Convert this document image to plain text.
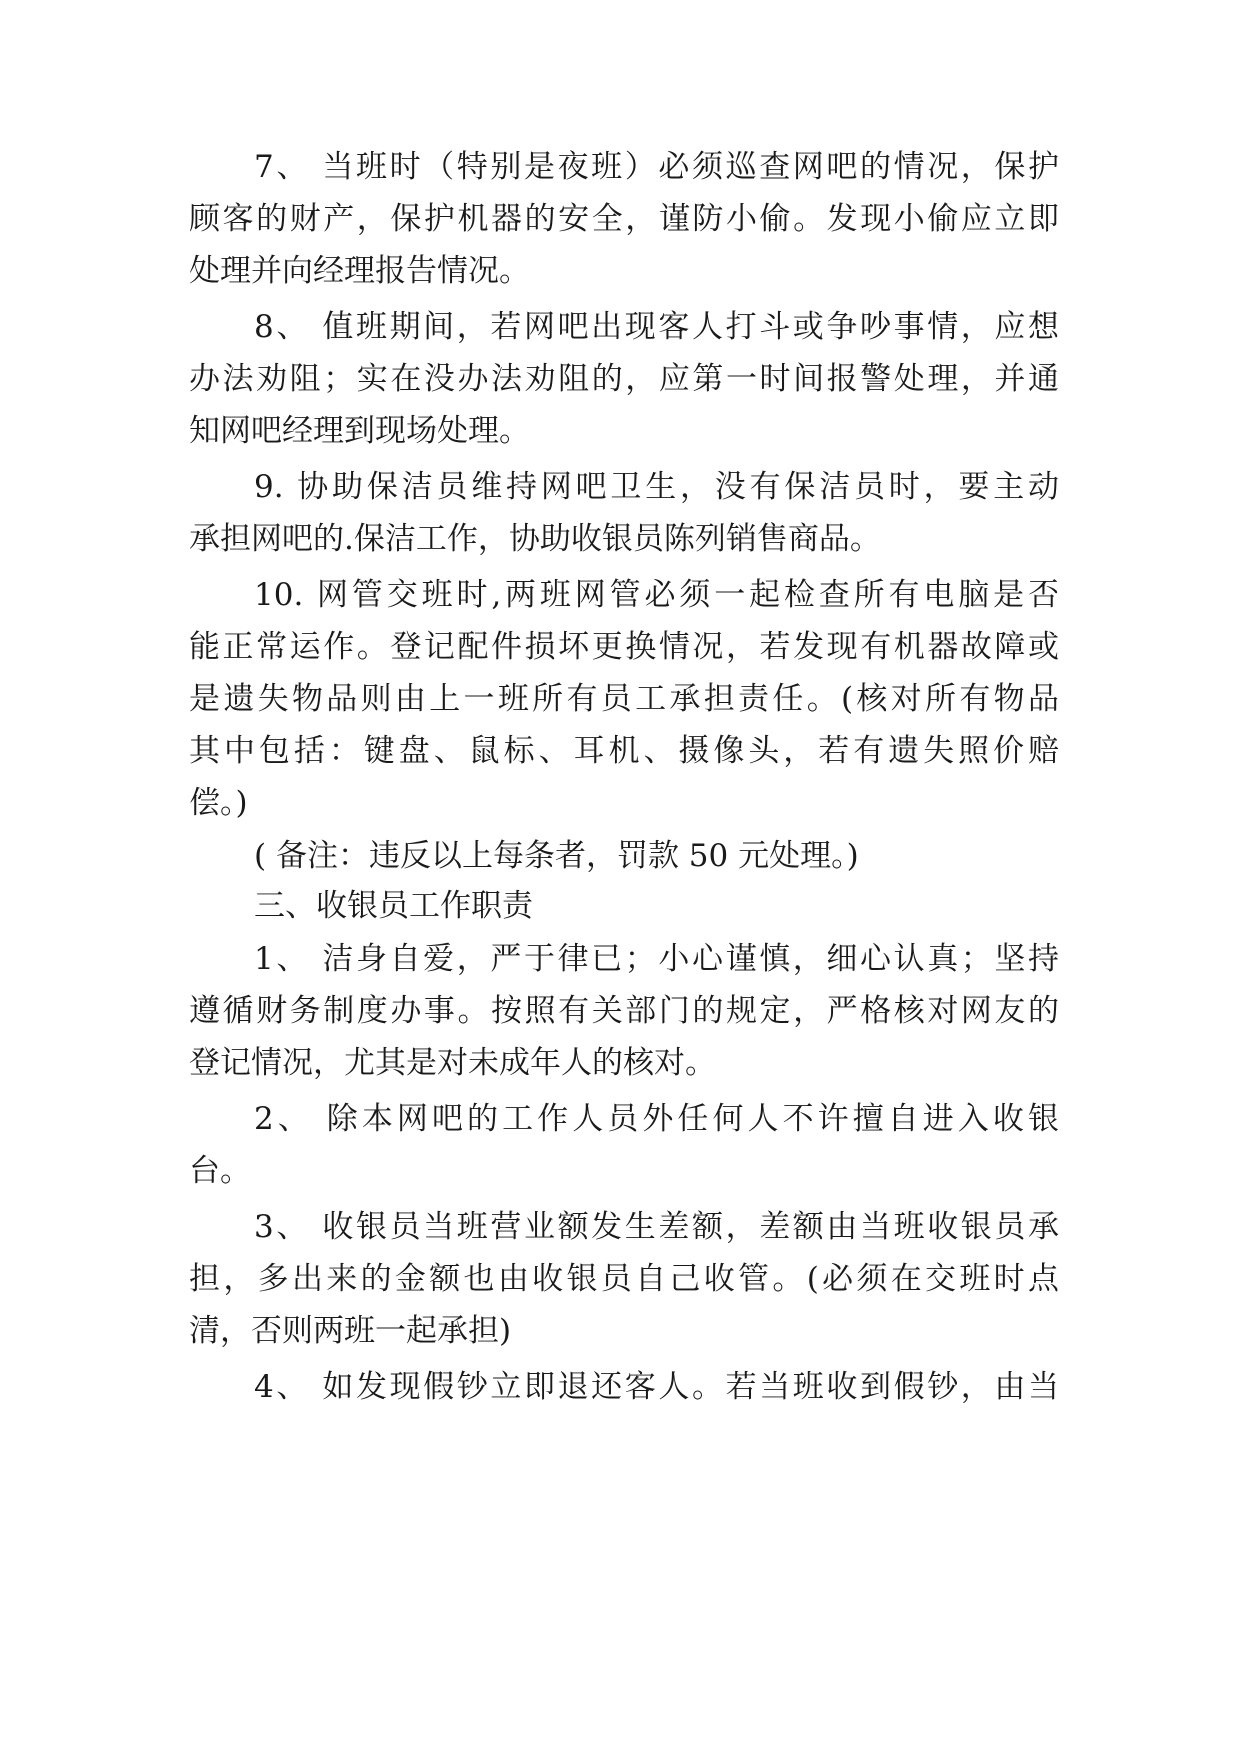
7、 当班时（特别是夜班）必须巡查网吧的情况，保护
顾客的财产，保护机器的安全，谨防小偷。发现小偷应立即
处理并向经理报告情况。
8、 值班期间，若网吧出现客人打斗或争吵事情，应想
办法劝阻；实在没办法劝阻的，应第一时间报警处理，并通
知网吧经理到现场处理。
9. 协助保洁员维持网吧卫生，没有保洁员时，要主动
承担网吧的.保洁工作，协助收银员陈列销售商品。
10. 网管交班时,两班网管必须一起检查所有电脑是否
能正常运作。登记配件损坏更换情况，若发现有机器故障或
是遗失物品则由上一班所有员工承担责任。(核对所有物品
其中包括：键盘、鼠标、耳机、摄像头，若有遗失照价赔
偿。)
( 备注：违反以上每条者，罚款 50 元处理。)
三、收银员工作职责
1、 洁身自爱，严于律已；小心谨慎，细心认真；坚持
遵循财务制度办事。按照有关部门的规定，严格核对网友的
登记情况，尤其是对未成年人的核对。
2、 除本网吧的工作人员外任何人不许擅自进入收银
台。
3、 收银员当班营业额发生差额，差额由当班收银员承
担，多出来的金额也由收银员自己收管。(必须在交班时点
清，否则两班一起承担)
4、 如发现假钞立即退还客人。若当班收到假钞，由当
